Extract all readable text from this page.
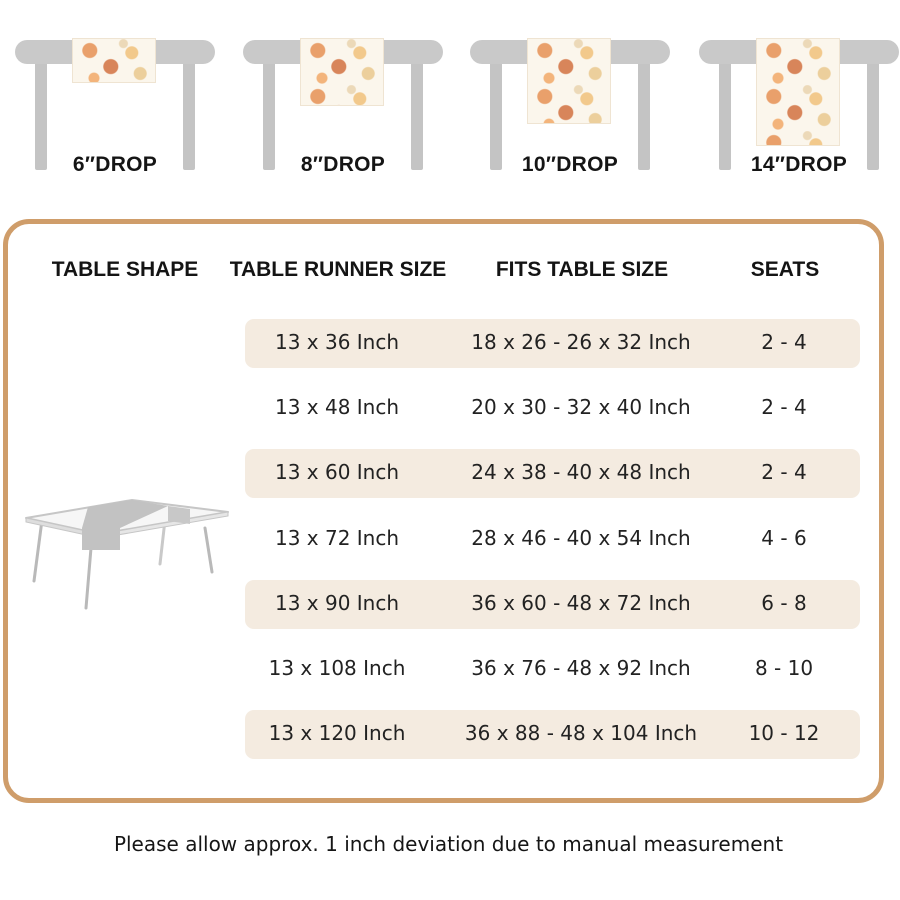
6″DROP	8″DROP	10″DROP	14″DROP
TABLE SHAPE	TABLE RUNNER SIZE	FITS TABLE SIZE	SEATS
13 x 36 Inch	18 x 26 - 26 x 32 Inch	2 - 4
13 x 48 Inch	20 x 30 - 32 x 40 Inch	2 - 4
13 x 60 Inch	24 x 38 - 40 x 48 Inch	2 - 4
13 x 72 Inch	28 x 46 - 40 x 54 Inch	4 - 6
13 x 90 Inch	36 x 60 - 48 x 72 Inch	6 - 8
13 x 108 Inch	36 x 76 - 48 x 92 Inch	8 - 10
13 x 120 Inch	36 x 88 - 48 x 104 Inch	10 - 12
Please allow approx. 1 inch deviation due to manual measurement
